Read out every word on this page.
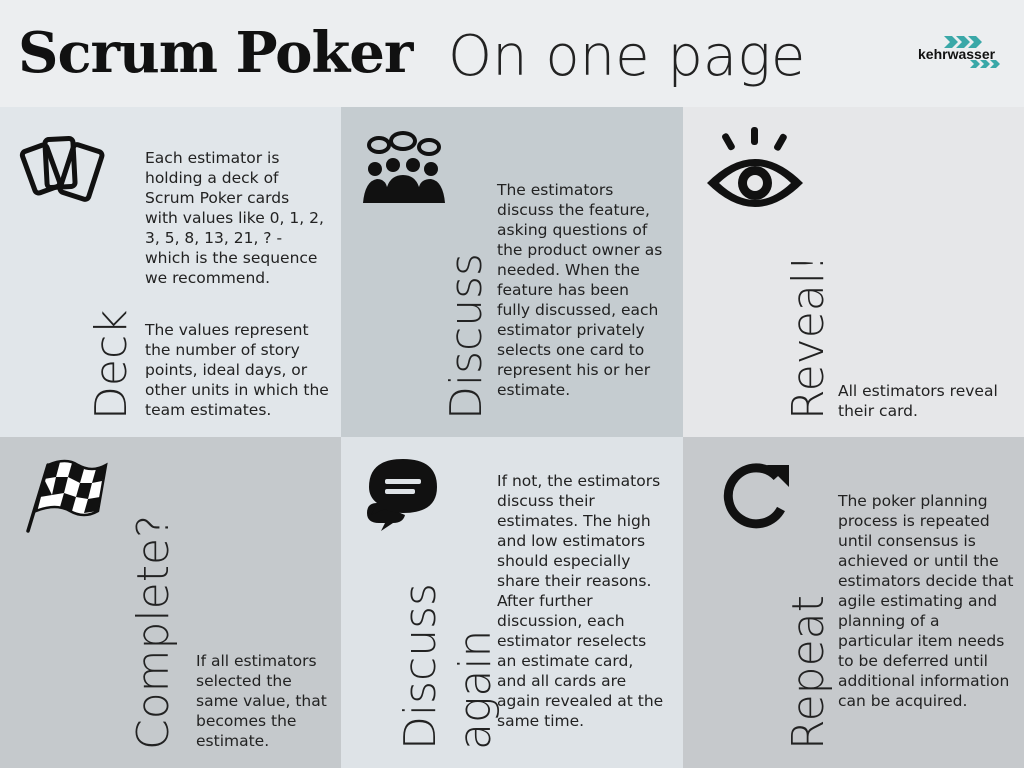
Scrum Poker On one page	kehrwasser
Deck
Each estimator is holding a deck of Scrum Poker cards with values like 0, 1, 2, 3, 5, 8, 13, 21, ? - which is the sequence we recommend.
The values represent the number of story points, ideal days, or other units in which the team estimates.	Discuss
The estimators discuss the feature, asking questions of the product owner as needed. When the feature has been fully discussed, each estimator privately selects one card to represent his or her estimate.	Reveal! All estimators reveal their card.
Complete? If all estimators selected the same value, that becomes the estimate.	Discuss again
If not, the estimators discuss their estimates. The high and low estimators should especially share their reasons. After further discussion, each estimator reselects an estimate card, and all cards are again revealed at the same time.	Repeat
The poker planning process is repeated until consensus is achieved or until the estimators decide that agile estimating and planning of a particular item needs to be deferred until additional information can be acquired.
